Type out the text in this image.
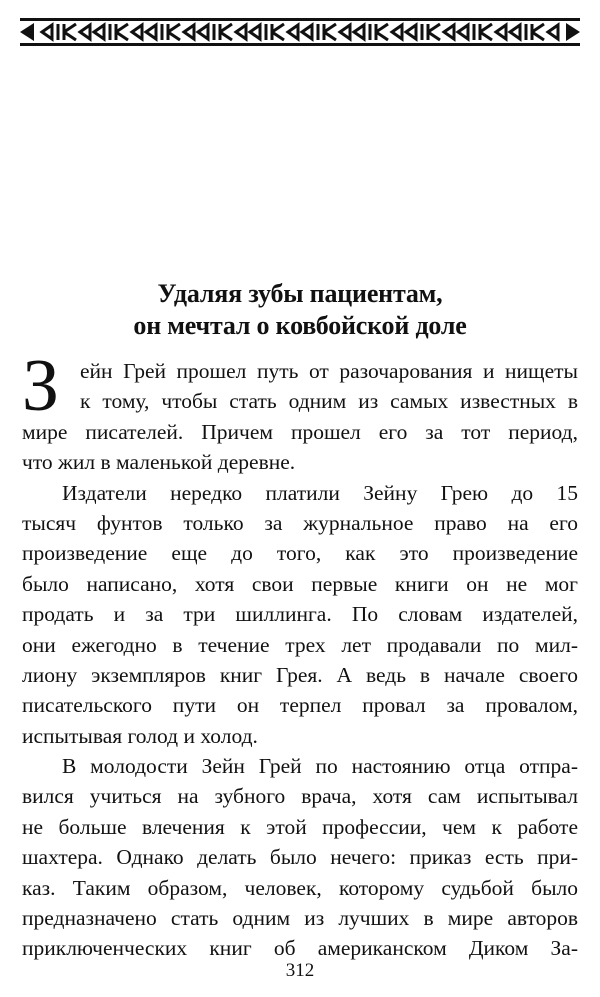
Удаляя зубы пациентам,
он мечтал о ковбойской доле
З ейн Грей прошел путь от разочарования и нищеты
к тому, чтобы стать одним из самых известных в
мире писателей. Причем прошел его за тот период,
что жил в маленькой деревне.
Издатели нередко платили Зейну Грею до 15
тысяч фунтов только за журнальное право на его
произведение еще до того, как это произведение
было написано, хотя свои первые книги он не мог
продать и за три шиллинга. По словам издателей,
они ежегодно в течение трех лет продавали по мил-
лиону экземпляров книг Грея. А ведь в начале своего
писательского пути он терпел провал за провалом,
испытывая голод и холод.
В молодости Зейн Грей по настоянию отца отпра-
вился учиться на зубного врача, хотя сам испытывал
не больше влечения к этой профессии, чем к работе
шахтера. Однако делать было нечего: приказ есть при-
каз. Таким образом, человек, которому судьбой было
предназначено стать одним из лучших в мире авторов
приключенческих книг об американском Диком За-
312
